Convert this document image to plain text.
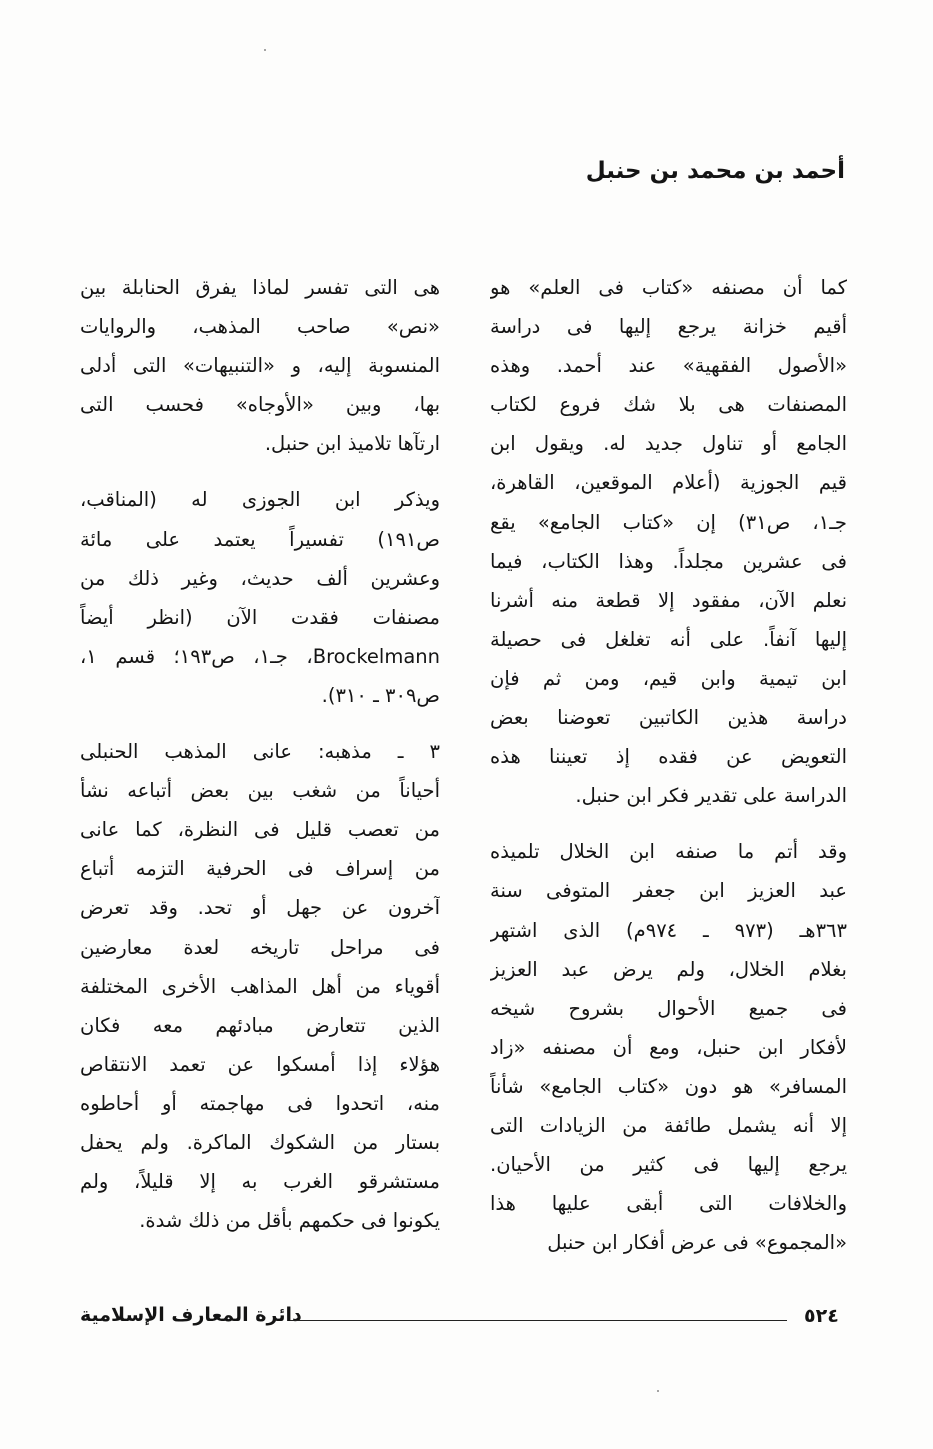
أحمد بن محمد بن حنبل

كما أن مصنفه «كتاب فى العلم» هو
أقيم خزانة يرجع إليها فى دراسة
«الأصول الفقهية» عند أحمد. وهذه
المصنفات هى بلا شك فروع لكتاب
الجامع أو تناول جديد له. ويقول ابن
قيم الجوزية (أعلام الموقعين، القاهرة،
جـ١، ص٣١) إن «كتاب الجامع» يقع
فى عشرين مجلداً. وهذا الكتاب، فيما
نعلم الآن، مفقود إلا قطعة منه أشرنا
إليها آنفاً. على أنه تغلغل فى حصيلة
ابن تيمية وابن قيم، ومن ثم فإن
دراسة هذين الكاتبين تعوضنا بعض
التعويض عن فقده إذ تعيننا هذه
الدراسة على تقدير فكر ابن حنبل.

وقد أتم ما صنفه ابن الخلال تلميذه
عبد العزيز ابن جعفر المتوفى سنة
٣٦٣هـ (٩٧٣ ـ ٩٧٤م) الذى اشتهر
بغلام الخلال، ولم يرض عبد العزيز
فى جميع الأحوال بشروح شيخه
لأفكار ابن حنبل، ومع أن مصنفه «زاد
المسافر» هو دون «كتاب الجامع» شأناً
إلا أنه يشمل طائفة من الزيادات التى
يرجع إليها فى كثير من الأحيان.
والخلافات التى أبقى عليها هذا
«المجموع» فى عرض أفكار ابن حنبل

هى التى تفسر لماذا يفرق الحنابلة بين
«نص» صاحب المذهب، والروايات
المنسوبة إليه، و «التنبيهات» التى أدلى
بها، وبين «الأوجاه» فحسب التى
ارتآها تلاميذ ابن حنبل.

ويذكر ابن الجوزى له (المناقب،
ص١٩١) تفسيراً يعتمد على مائة
وعشرين ألف حديث، وغير ذلك من
مصنفات فقدت الآن (انظر أيضاً
Brockelmann، جـ١، ص١٩٣؛ قسم ١،
ص٣٠٩ ـ ٣١٠).

٣ ـ مذهبه: عانى المذهب الحنبلى
أحياناً من شغب بين بعض أتباعه نشأ
من تعصب قليل فى النظرة، كما عانى
من إسراف فى الحرفية التزمه أتباع
آخرون عن جهل أو تحد. وقد تعرض
فى مراحل تاريخه لعدة معارضين
أقوياء من أهل المذاهب الأخرى المختلفة
الذين تتعارض مبادئهم معه فكان
هؤلاء إذا أمسكوا عن تعمد الانتقاص
منه، اتحدوا فى مهاجمته أو أحاطوه
بستار من الشكوك الماكرة. ولم يحفل
مستشرقو الغرب به إلا قليلاً، ولم
يكونوا فى حكمهم بأقل من ذلك شدة.

دائرة المعارف الإسلامية	٥٢٤
